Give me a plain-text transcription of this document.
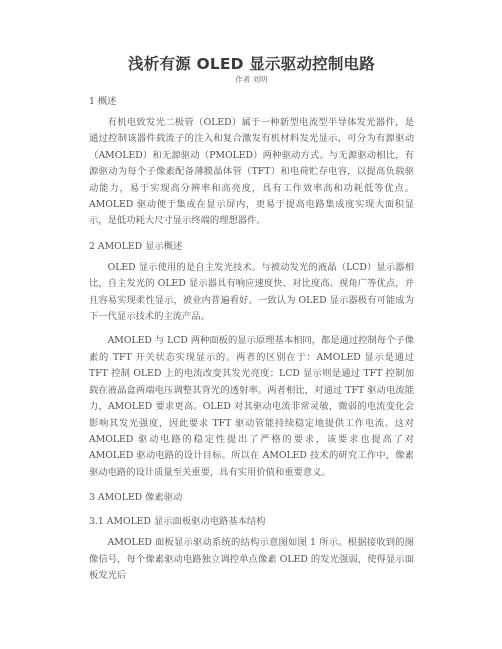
浅析有源 OLED 显示驱动控制电路
作者 刘明
1 概述

有机电致发光二极管（OLED）属于一种新型电流型半导体发光器件，是通过控制该器件载流子的注入和复合激发有机材料发光显示，可分为有源驱动（AMOLED）和无源驱动（PMOLED）两种驱动方式。与无源驱动相比，有源驱动为每个子像素配备薄膜晶体管（TFT）和电荷贮存电容，以提高负载驱动能力，易于实现高分辨率和高亮度，具有工作效率高和功耗低等优点。AMOLED 驱动便于集成在显示屏内，更易于提高电路集成度实现大面积显示，是低功耗大尺寸显示终端的理想器件。

2 AMOLED 显示概述

OLED 显示使用的是自主发光技术。与被动发光的液晶（LCD）显示器相比，自主发光的 OLED 显示器具有响应速度快、对比度高、视角广等优点，并且容易实现柔性显示，被业内普遍看好。一致认为 OLED 显示器极有可能成为下一代显示技术的主流产品。

AMOLED 与 LCD 两种面板的显示原理基本相同，都是通过控制每个子像素的 TFT 开关状态实现显示的。两者的区别在于：AMOLED 显示是通过 TFT 控制 OLED 上的电流改变其发光亮度；LCD 显示则是通过 TFT 控制加载在液晶盒两端电压调整其背光的透射率。两者相比，对通过 TFT 驱动电流能力，AMOLED 要求更高。OLED 对其驱动电流非常灵敏，微弱的电流变化会影响其发光强度，因此要求 TFT 驱动管能持续稳定地提供工作电流。这对 AMOLED 驱动电路的稳定性提出了严格的要求，该要求也提高了对 AMOLED 驱动电路的设计目标。所以在 AMOLED 技术的研究工作中，像素驱动电路的设计质量至关重要，具有实用价值和重要意义。

3 AMOLED 像素驱动
3.1 AMOLED 显示面板驱动电路基本结构

AMOLED 面板显示驱动系统的结构示意图如图 1 所示。根据接收到的图像信号，每个像素驱动电路独立调控单点像素 OLED 的发光强弱，使得显示面板发光后
